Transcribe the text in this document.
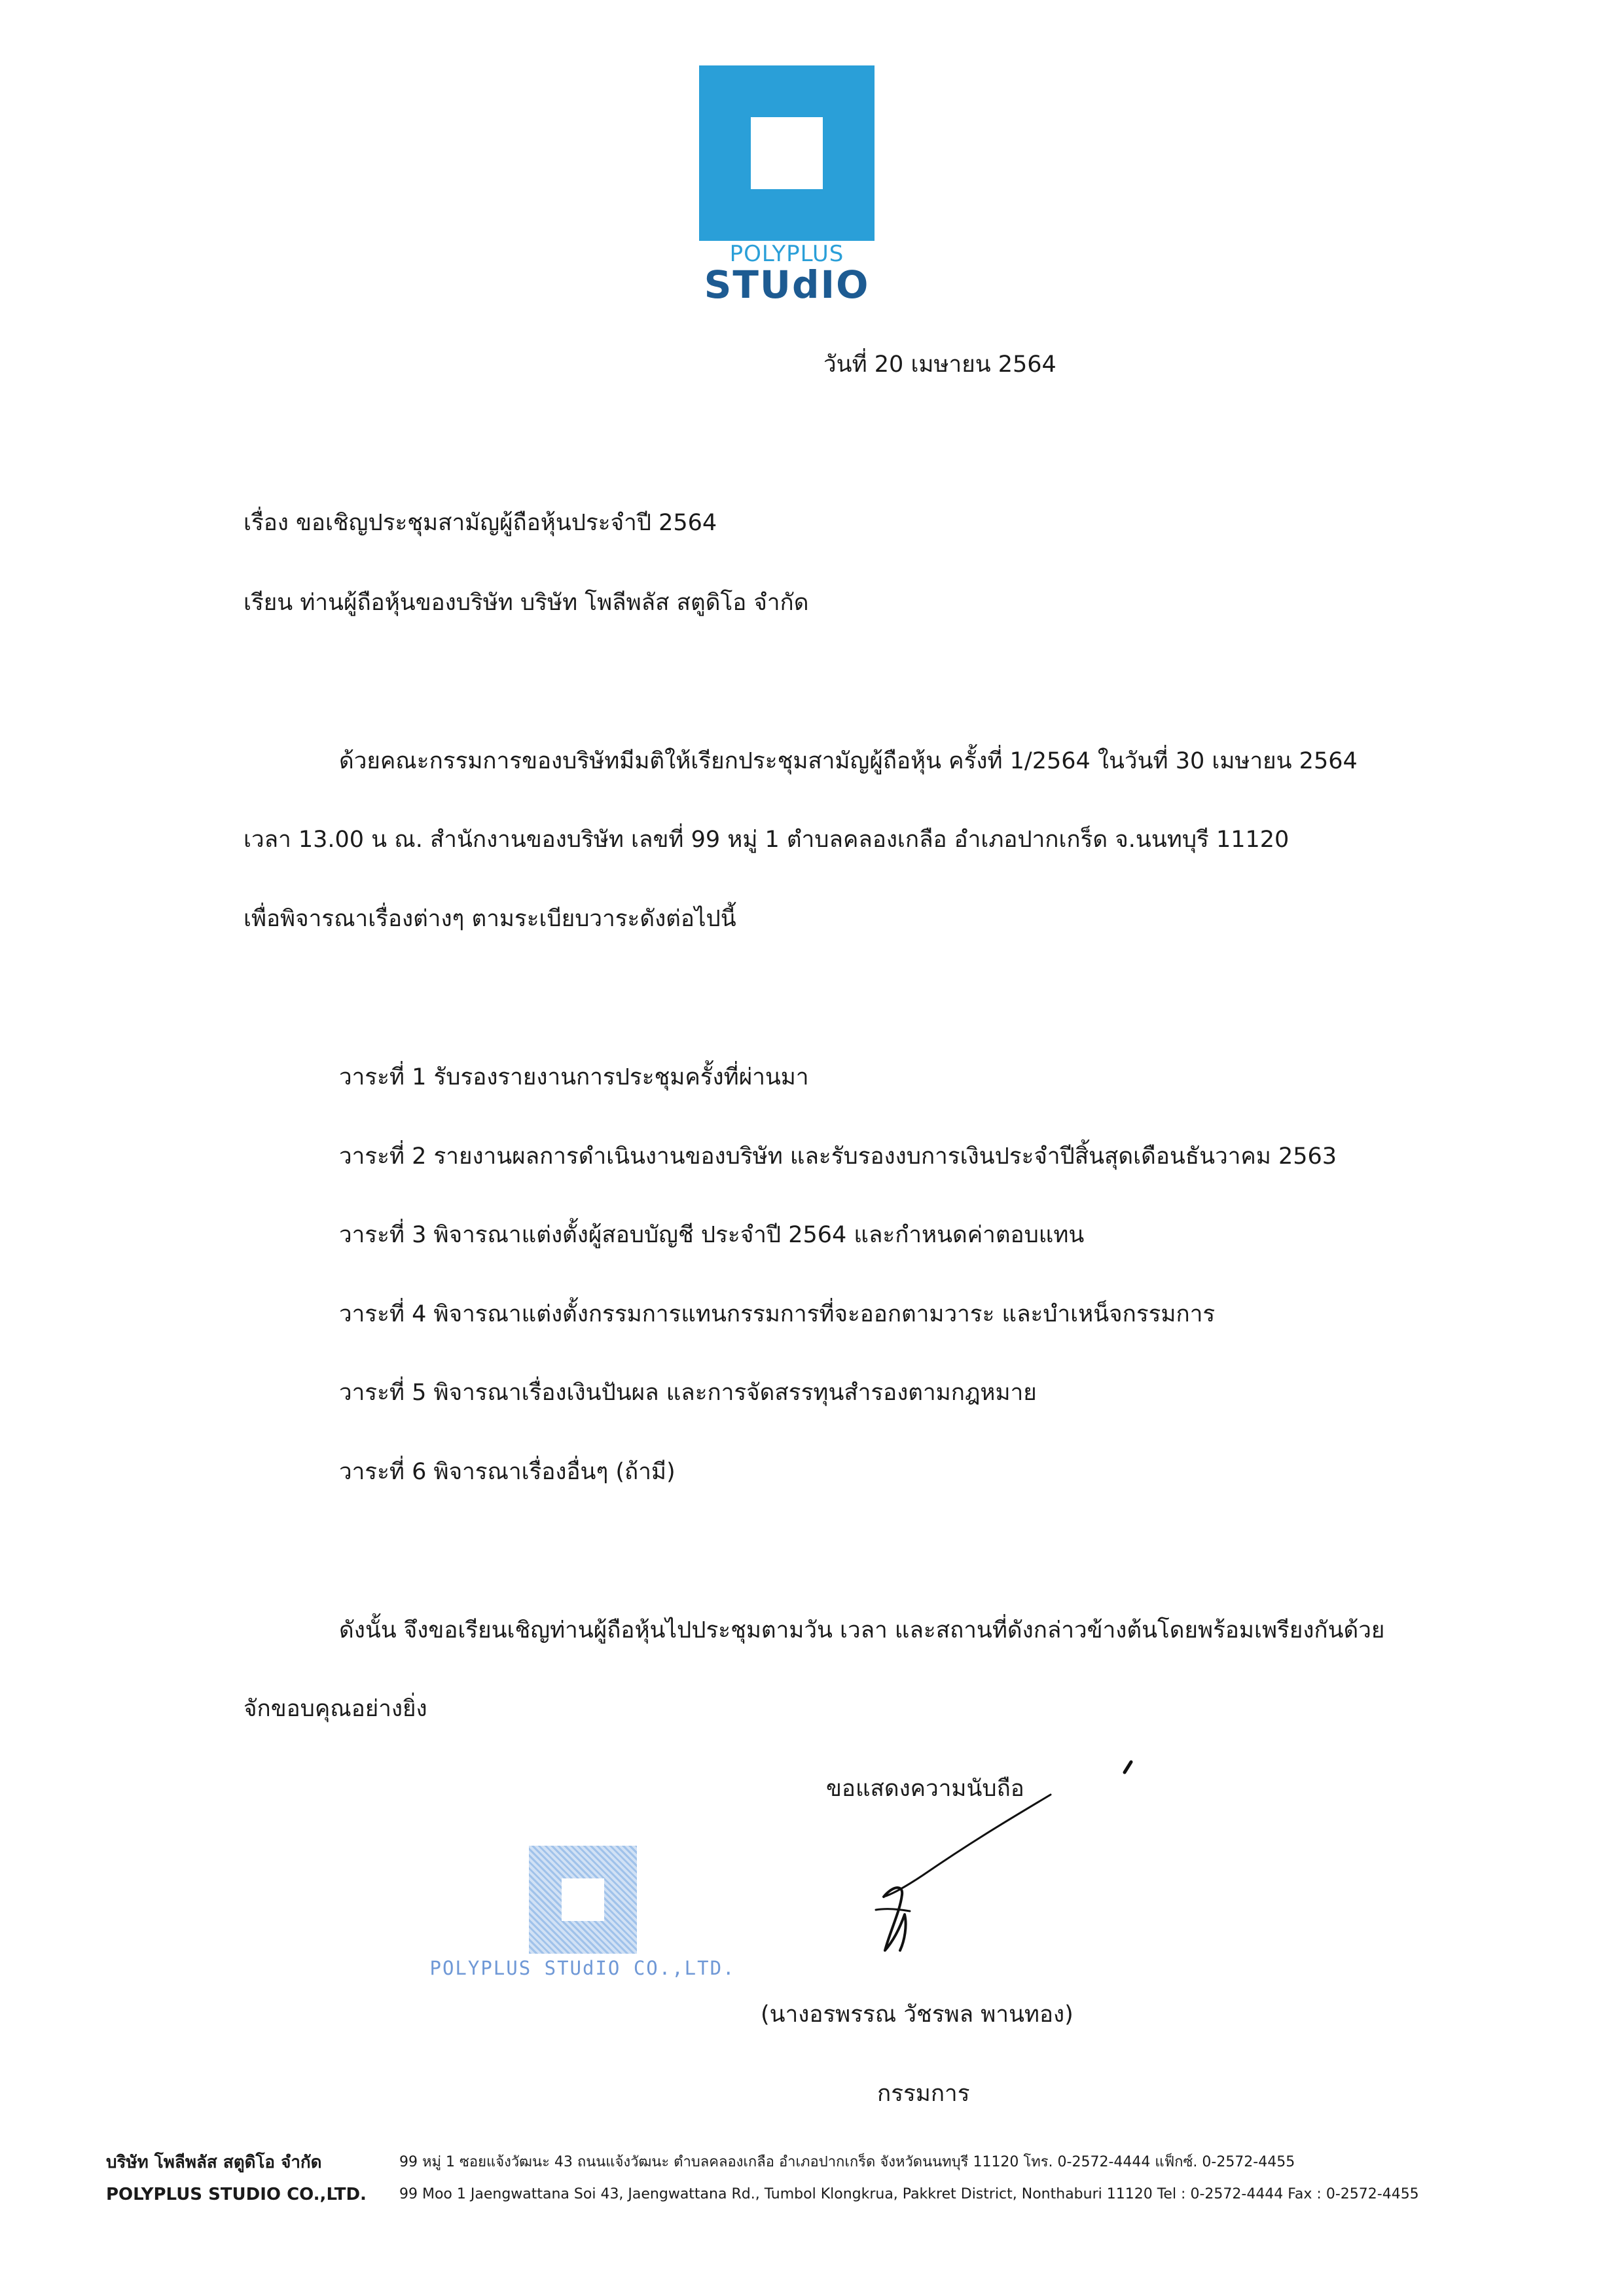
POLYPLUS
STUdIO
วันที่ 20 เมษายน 2564
เรื่อง ขอเชิญประชุมสามัญผู้ถือหุ้นประจำปี 2564
เรียน ท่านผู้ถือหุ้นของบริษัท บริษัท โพลีพลัส สตูดิโอ จำกัด
ด้วยคณะกรรมการของบริษัทมีมติให้เรียกประชุมสามัญผู้ถือหุ้น ครั้งที่ 1/2564 ในวันที่ 30 เมษายน 2564
เวลา 13.00 น ณ. สำนักงานของบริษัท เลขที่ 99 หมู่ 1 ตำบลคลองเกลือ อำเภอปากเกร็ด จ.นนทบุรี 11120
เพื่อพิจารณาเรื่องต่างๆ ตามระเบียบวาระดังต่อไปนี้
วาระที่ 1 รับรองรายงานการประชุมครั้งที่ผ่านมา
วาระที่ 2 รายงานผลการดำเนินงานของบริษัท และรับรองงบการเงินประจำปีสิ้นสุดเดือนธันวาคม 2563
วาระที่ 3 พิจารณาแต่งตั้งผู้สอบบัญชี ประจำปี 2564 และกำหนดค่าตอบแทน
วาระที่ 4 พิจารณาแต่งตั้งกรรมการแทนกรรมการที่จะออกตามวาระ และบำเหน็จกรรมการ
วาระที่ 5 พิจารณาเรื่องเงินปันผล และการจัดสรรทุนสำรองตามกฎหมาย
วาระที่ 6 พิจารณาเรื่องอื่นๆ (ถ้ามี)
ดังนั้น จึงขอเรียนเชิญท่านผู้ถือหุ้นไปประชุมตามวัน เวลา และสถานที่ดังกล่าวข้างต้นโดยพร้อมเพรียงกันด้วย
จักขอบคุณอย่างยิ่ง
ขอแสดงความนับถือ
POLYPLUS STUdIO CO.,LTD.
(นางอรพรรณ วัชรพล พานทอง)
กรรมการ
บริษัท โพลีพลัส สตูดิโอ จำกัด	99 หมู่ 1 ซอยแจ้งวัฒนะ 43 ถนนแจ้งวัฒนะ ตำบลคลองเกลือ อำเภอปากเกร็ด จังหวัดนนทบุรี 11120 โทร. 0-2572-4444 แฟ็กซ์. 0-2572-4455
POLYPLUS STUDIO CO.,LTD. 99 Moo 1 Jaengwattana Soi 43, Jaengwattana Rd., Tumbol Klongkrua, Pakkret District, Nonthaburi 11120 Tel : 0-2572-4444 Fax : 0-2572-4455
